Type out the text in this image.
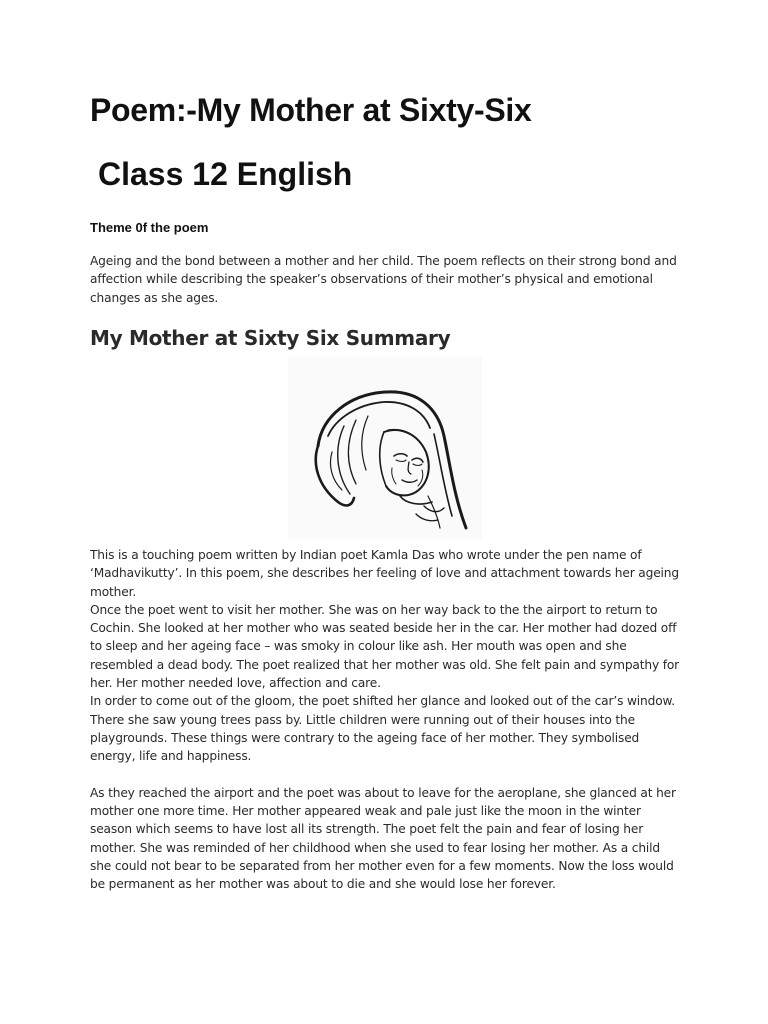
Poem:-My Mother at Sixty-Six
Class 12 English
Theme 0f the poem

Ageing and the bond between a mother and her child. The poem reflects on their strong bond and affection while describing the speaker’s observations of their mother’s physical and emotional changes as she ages.

My Mother at Sixty Six Summary

This is a touching poem written by Indian poet Kamla Das who wrote under the pen name of ‘Madhavikutty’. In this poem, she describes her feeling of love and attachment towards her ageing mother.

Once the poet went to visit her mother. She was on her way back to the the airport to return to Cochin. She looked at her mother who was seated beside her in the car. Her mother had dozed off to sleep and her ageing face – was smoky in colour like ash. Her mouth was open and she resembled a dead body. The poet realized that her mother was old. She felt pain and sympathy for her. Her mother needed love, affection and care.

In order to come out of the gloom, the poet shifted her glance and looked out of the car’s window. There she saw young trees pass by. Little children were running out of their houses into the playgrounds. These things were contrary to the ageing face of her mother. They symbolised energy, life and happiness.

As they reached the airport and the poet was about to leave for the aeroplane, she glanced at her mother one more time. Her mother appeared weak and pale just like the moon in the winter season which seems to have lost all its strength. The poet felt the pain and fear of losing her mother. She was reminded of her childhood when she used to fear losing her mother. As a child she could not bear to be separated from her mother even for a few moments. Now the loss would be permanent as her mother was about to die and she would lose her forever.
